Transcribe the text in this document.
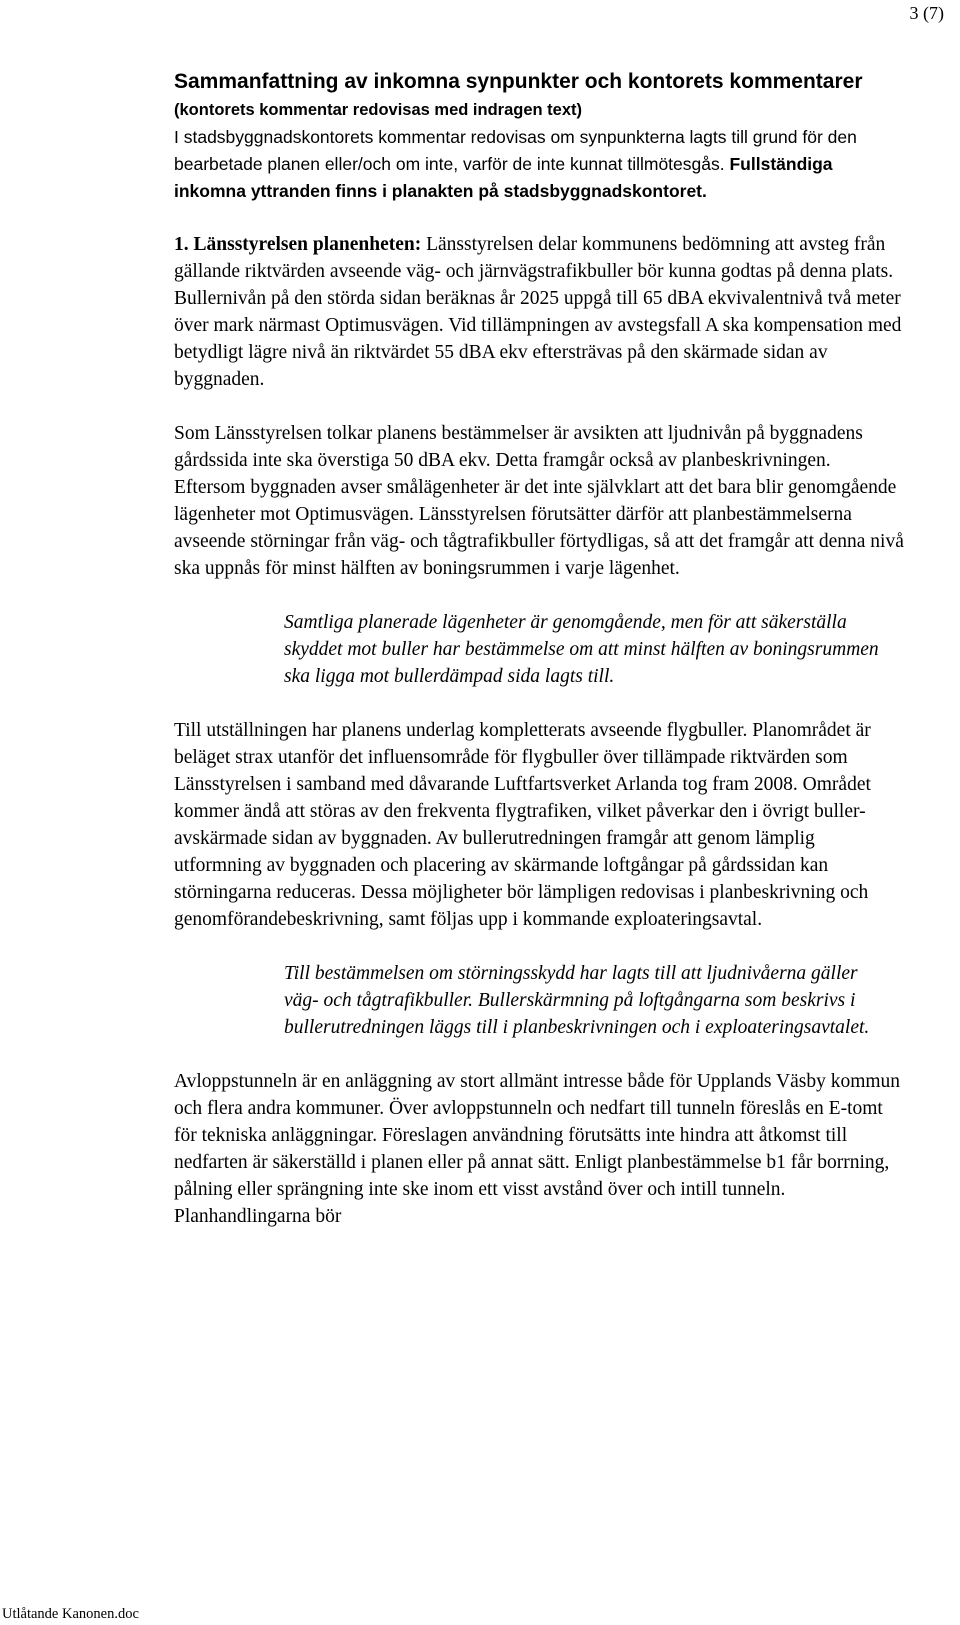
3 (7)

Sammanfattning av inkomna synpunkter och kontorets kommentarer (kontorets kommentar redovisas med indragen text)

I stadsbyggnadskontorets kommentar redovisas om synpunkterna lagts till grund för den bearbetade planen eller/och om inte, varför de inte kunnat tillmötesgås. Fullständiga inkomna yttranden finns i planakten på stadsbyggnadskontoret.

1. Länsstyrelsen planenheten: Länsstyrelsen delar kommunens bedömning att avsteg från gällande riktvärden avseende väg- och järnvägstrafikbuller bör kunna godtas på denna plats. Bullernivån på den störda sidan beräknas år 2025 uppgå till 65 dBA ekvivalentnivå två meter över mark närmast Optimusvägen. Vid tillämpningen av avstegsfall A ska kompensation med betydligt lägre nivå än riktvärdet 55 dBA ekv eftersträvas på den skärmade sidan av byggnaden.

Som Länsstyrelsen tolkar planens bestämmelser är avsikten att ljudnivån på byggnadens gårdssida inte ska överstiga 50 dBA ekv. Detta framgår också av planbeskrivningen. Eftersom byggnaden avser smålägenheter är det inte självklart att det bara blir genomgående lägenheter mot Optimusvägen. Länsstyrelsen förutsätter därför att planbestämmelserna avseende störningar från väg- och tågtrafikbuller förtydligas, så att det framgår att denna nivå ska uppnås för minst hälften av boningsrummen i varje lägenhet.

Samtliga planerade lägenheter är genomgående, men för att säkerställa skyddet mot buller har bestämmelse om att minst hälften av boningsrummen ska ligga mot bullerdämpad sida lagts till.

Till utställningen har planens underlag kompletterats avseende flygbuller. Planområdet är beläget strax utanför det influensområde för flygbuller över tillämpade riktvärden som Länsstyrelsen i samband med dåvarande Luftfartsverket Arlanda tog fram 2008. Området kommer ändå att störas av den frekventa flygtrafiken, vilket påverkar den i övrigt buller-avskärmade sidan av byggnaden. Av bullerutredningen framgår att genom lämplig utformning av byggnaden och placering av skärmande loftgångar på gårdssidan kan störningarna reduceras. Dessa möjligheter bör lämpligen redovisas i planbeskrivning och genomförandebeskrivning, samt följas upp i kommande exploateringsavtal.

Till bestämmelsen om störningsskydd har lagts till att ljudnivåerna gäller väg- och tågtrafikbuller. Bullerskärmning på loftgångarna som beskrivs i bullerutredningen läggs till i planbeskrivningen och i exploateringsavtalet.

Avloppstunneln är en anläggning av stort allmänt intresse både för Upplands Väsby kommun och flera andra kommuner. Över avloppstunneln och nedfart till tunneln föreslås en E-tomt för tekniska anläggningar. Föreslagen användning förutsätts inte hindra att åtkomst till nedfarten är säkerställd i planen eller på annat sätt. Enligt planbestämmelse b1 får borrning, pålning eller sprängning inte ske inom ett visst avstånd över och intill tunneln. Planhandlingarna bör

Utlåtande Kanonen.doc
